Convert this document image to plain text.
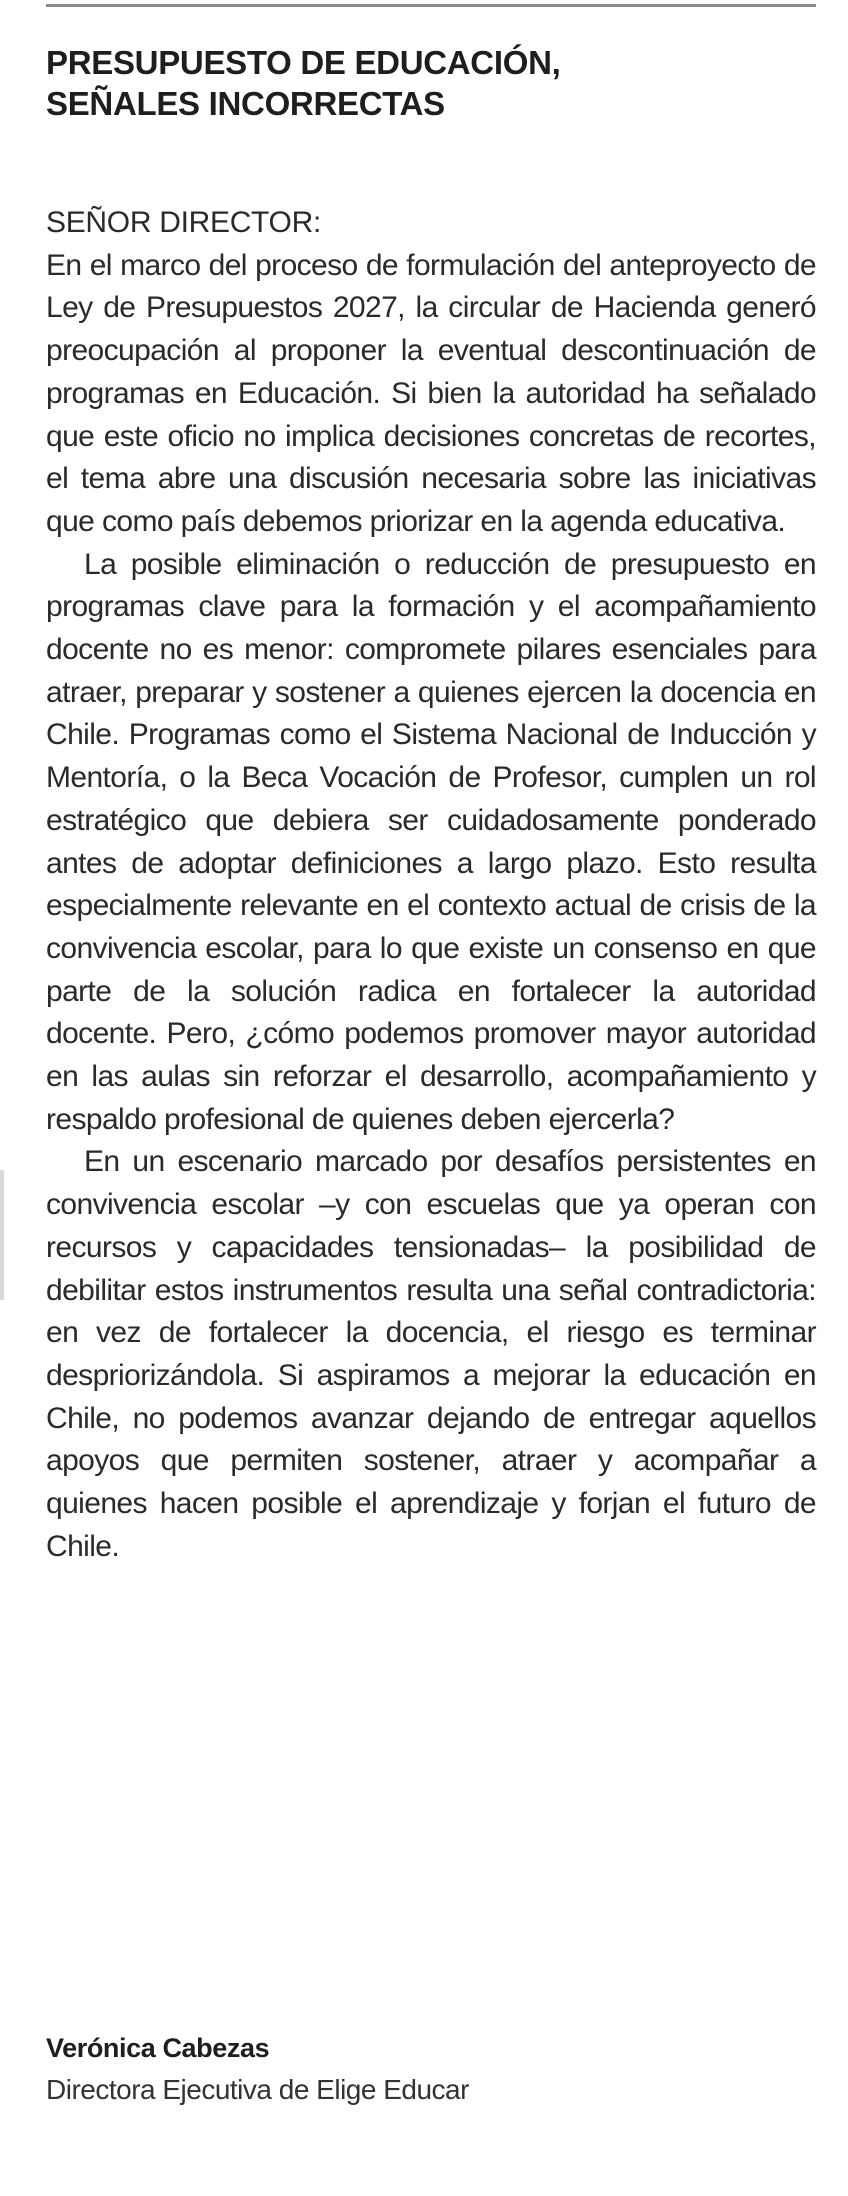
PRESUPUESTO DE EDUCACIÓN,
SEÑALES INCORRECTAS
SEÑOR DIRECTOR:

En el marco del proceso de formulación del anteproyecto de Ley de Presupuestos 2027, la circular de Hacienda generó preocupación al proponer la eventual descontinuación de programas en Educación. Si bien la autoridad ha señalado que este oficio no implica decisiones concretas de recortes, el tema abre una discusión necesaria sobre las iniciativas que como país debemos priorizar en la agenda educativa.

La posible eliminación o reducción de presupuesto en programas clave para la formación y el acompañamiento docente no es menor: compromete pilares esenciales para atraer, preparar y sostener a quienes ejercen la docencia en Chile. Programas como el Sistema Nacional de Inducción y Mentoría, o la Beca Vocación de Profesor, cumplen un rol estratégico que debiera ser cuidadosamente ponderado antes de adoptar definiciones a largo plazo. Esto resulta especialmente relevante en el contexto actual de crisis de la convivencia escolar, para lo que existe un consenso en que parte de la solución radica en fortalecer la autoridad docente. Pero, ¿cómo podemos promover mayor autoridad en las aulas sin reforzar el desarrollo, acompañamiento y respaldo profesional de quienes deben ejercerla?

En un escenario marcado por desafíos persistentes en convivencia escolar –y con escuelas que ya operan con recursos y capacidades tensionadas– la posibilidad de debilitar estos instrumentos resulta una señal contradictoria: en vez de fortalecer la docencia, el riesgo es terminar despriorizándola. Si aspiramos a mejorar la educación en Chile, no podemos avanzar dejando de entregar aquellos apoyos que permiten sostener, atraer y acompañar a quienes hacen posible el aprendizaje y forjan el futuro de Chile.

Verónica Cabezas
Directora Ejecutiva de Elige Educar
